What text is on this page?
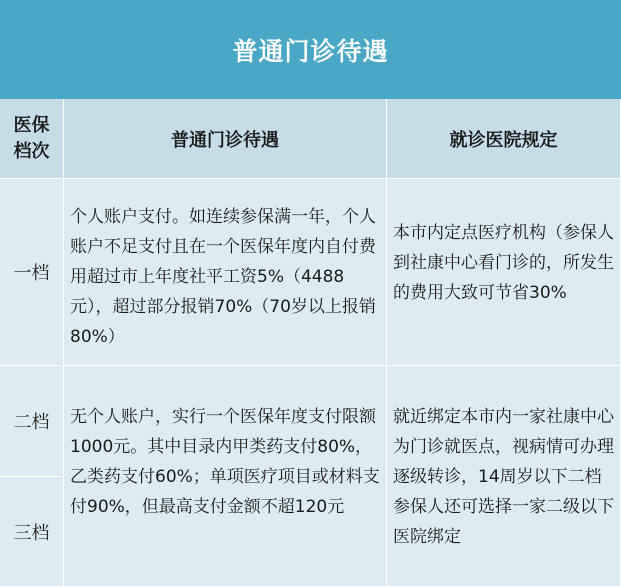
普通门诊待遇
医保档次
普通门诊待遇	就诊医院规定
一档
个人账户支付。如连续参保满一年，个人账户不足支付且在一个医保年度内自付费用超过市上年度社平工资5%（4488元），超过部分报销70%（70岁以上报销80%）
本市内定点医疗机构（参保人到社康中心看门诊的，所发生的费用大致可节省30%
二档
三档
无个人账户，实行一个医保年度支付限额1000元。其中目录内甲类药支付80%，乙类药支付60%；单项医疗项目或材料支付90%，但最高支付金额不超120元
就近绑定本市内一家社康中心为门诊就医点，视病情可办理逐级转诊，14周岁以下二档参保人还可选择一家二级以下医院绑定
